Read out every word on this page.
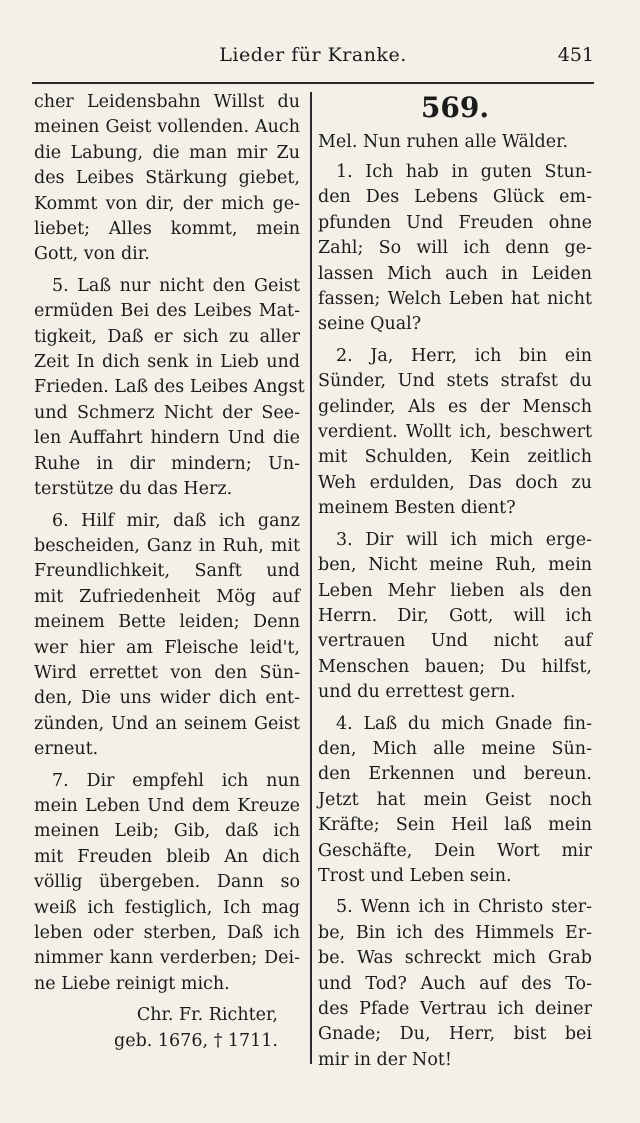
Lieder für Kranke.	451
cher Leidensbahn Willst du
meinen Geist vollenden. Auch
die Labung, die man mir Zu
des Leibes Stärkung giebet,
Kommt von dir, der mich ge-
liebet; Alles kommt, mein
Gott, von dir.
5. Laß nur nicht den Geist
ermüden Bei des Leibes Mat-
tigkeit, Daß er sich zu aller
Zeit In dich senk in Lieb und
Frieden. Laß des Leibes Angst
und Schmerz Nicht der See-
len Auffahrt hindern Und die
Ruhe in dir mindern; Un-
terstütze du das Herz.
6. Hilf mir, daß ich ganz
bescheiden, Ganz in Ruh, mit
Freundlichkeit, Sanft und
mit Zufriedenheit Mög auf
meinem Bette leiden; Denn
wer hier am Fleische leid't,
Wird errettet von den Sün-
den, Die uns wider dich ent-
zünden, Und an seinem Geist
erneut.
7. Dir empfehl ich nun
mein Leben Und dem Kreuze
meinen Leib; Gib, daß ich
mit Freuden bleib An dich
völlig übergeben. Dann so
weiß ich festiglich, Ich mag
leben oder sterben, Daß ich
nimmer kann verderben; Dei-
ne Liebe reinigt mich.
Chr. Fr. Richter,
geb. 1676, † 1711.
569.
Mel. Nun ruhen alle Wälder.
1. Ich hab in guten Stun-
den Des Lebens Glück em-
pfunden Und Freuden ohne
Zahl; So will ich denn ge-
lassen Mich auch in Leiden
fassen; Welch Leben hat nicht
seine Qual?
2. Ja, Herr, ich bin ein
Sünder, Und stets strafst du
gelinder, Als es der Mensch
verdient. Wollt ich, beschwert
mit Schulden, Kein zeitlich
Weh erdulden, Das doch zu
meinem Besten dient?
3. Dir will ich mich erge-
ben, Nicht meine Ruh, mein
Leben Mehr lieben als den
Herrn. Dir, Gott, will ich
vertrauen Und nicht auf
Menschen bauen; Du hilfst,
und du errettest gern.
4. Laß du mich Gnade fin-
den, Mich alle meine Sün-
den Erkennen und bereun.
Jetzt hat mein Geist noch
Kräfte; Sein Heil laß mein
Geschäfte, Dein Wort mir
Trost und Leben sein.
5. Wenn ich in Christo ster-
be, Bin ich des Himmels Er-
be. Was schreckt mich Grab
und Tod? Auch auf des To-
des Pfade Vertrau ich deiner
Gnade; Du, Herr, bist bei
mir in der Not!
